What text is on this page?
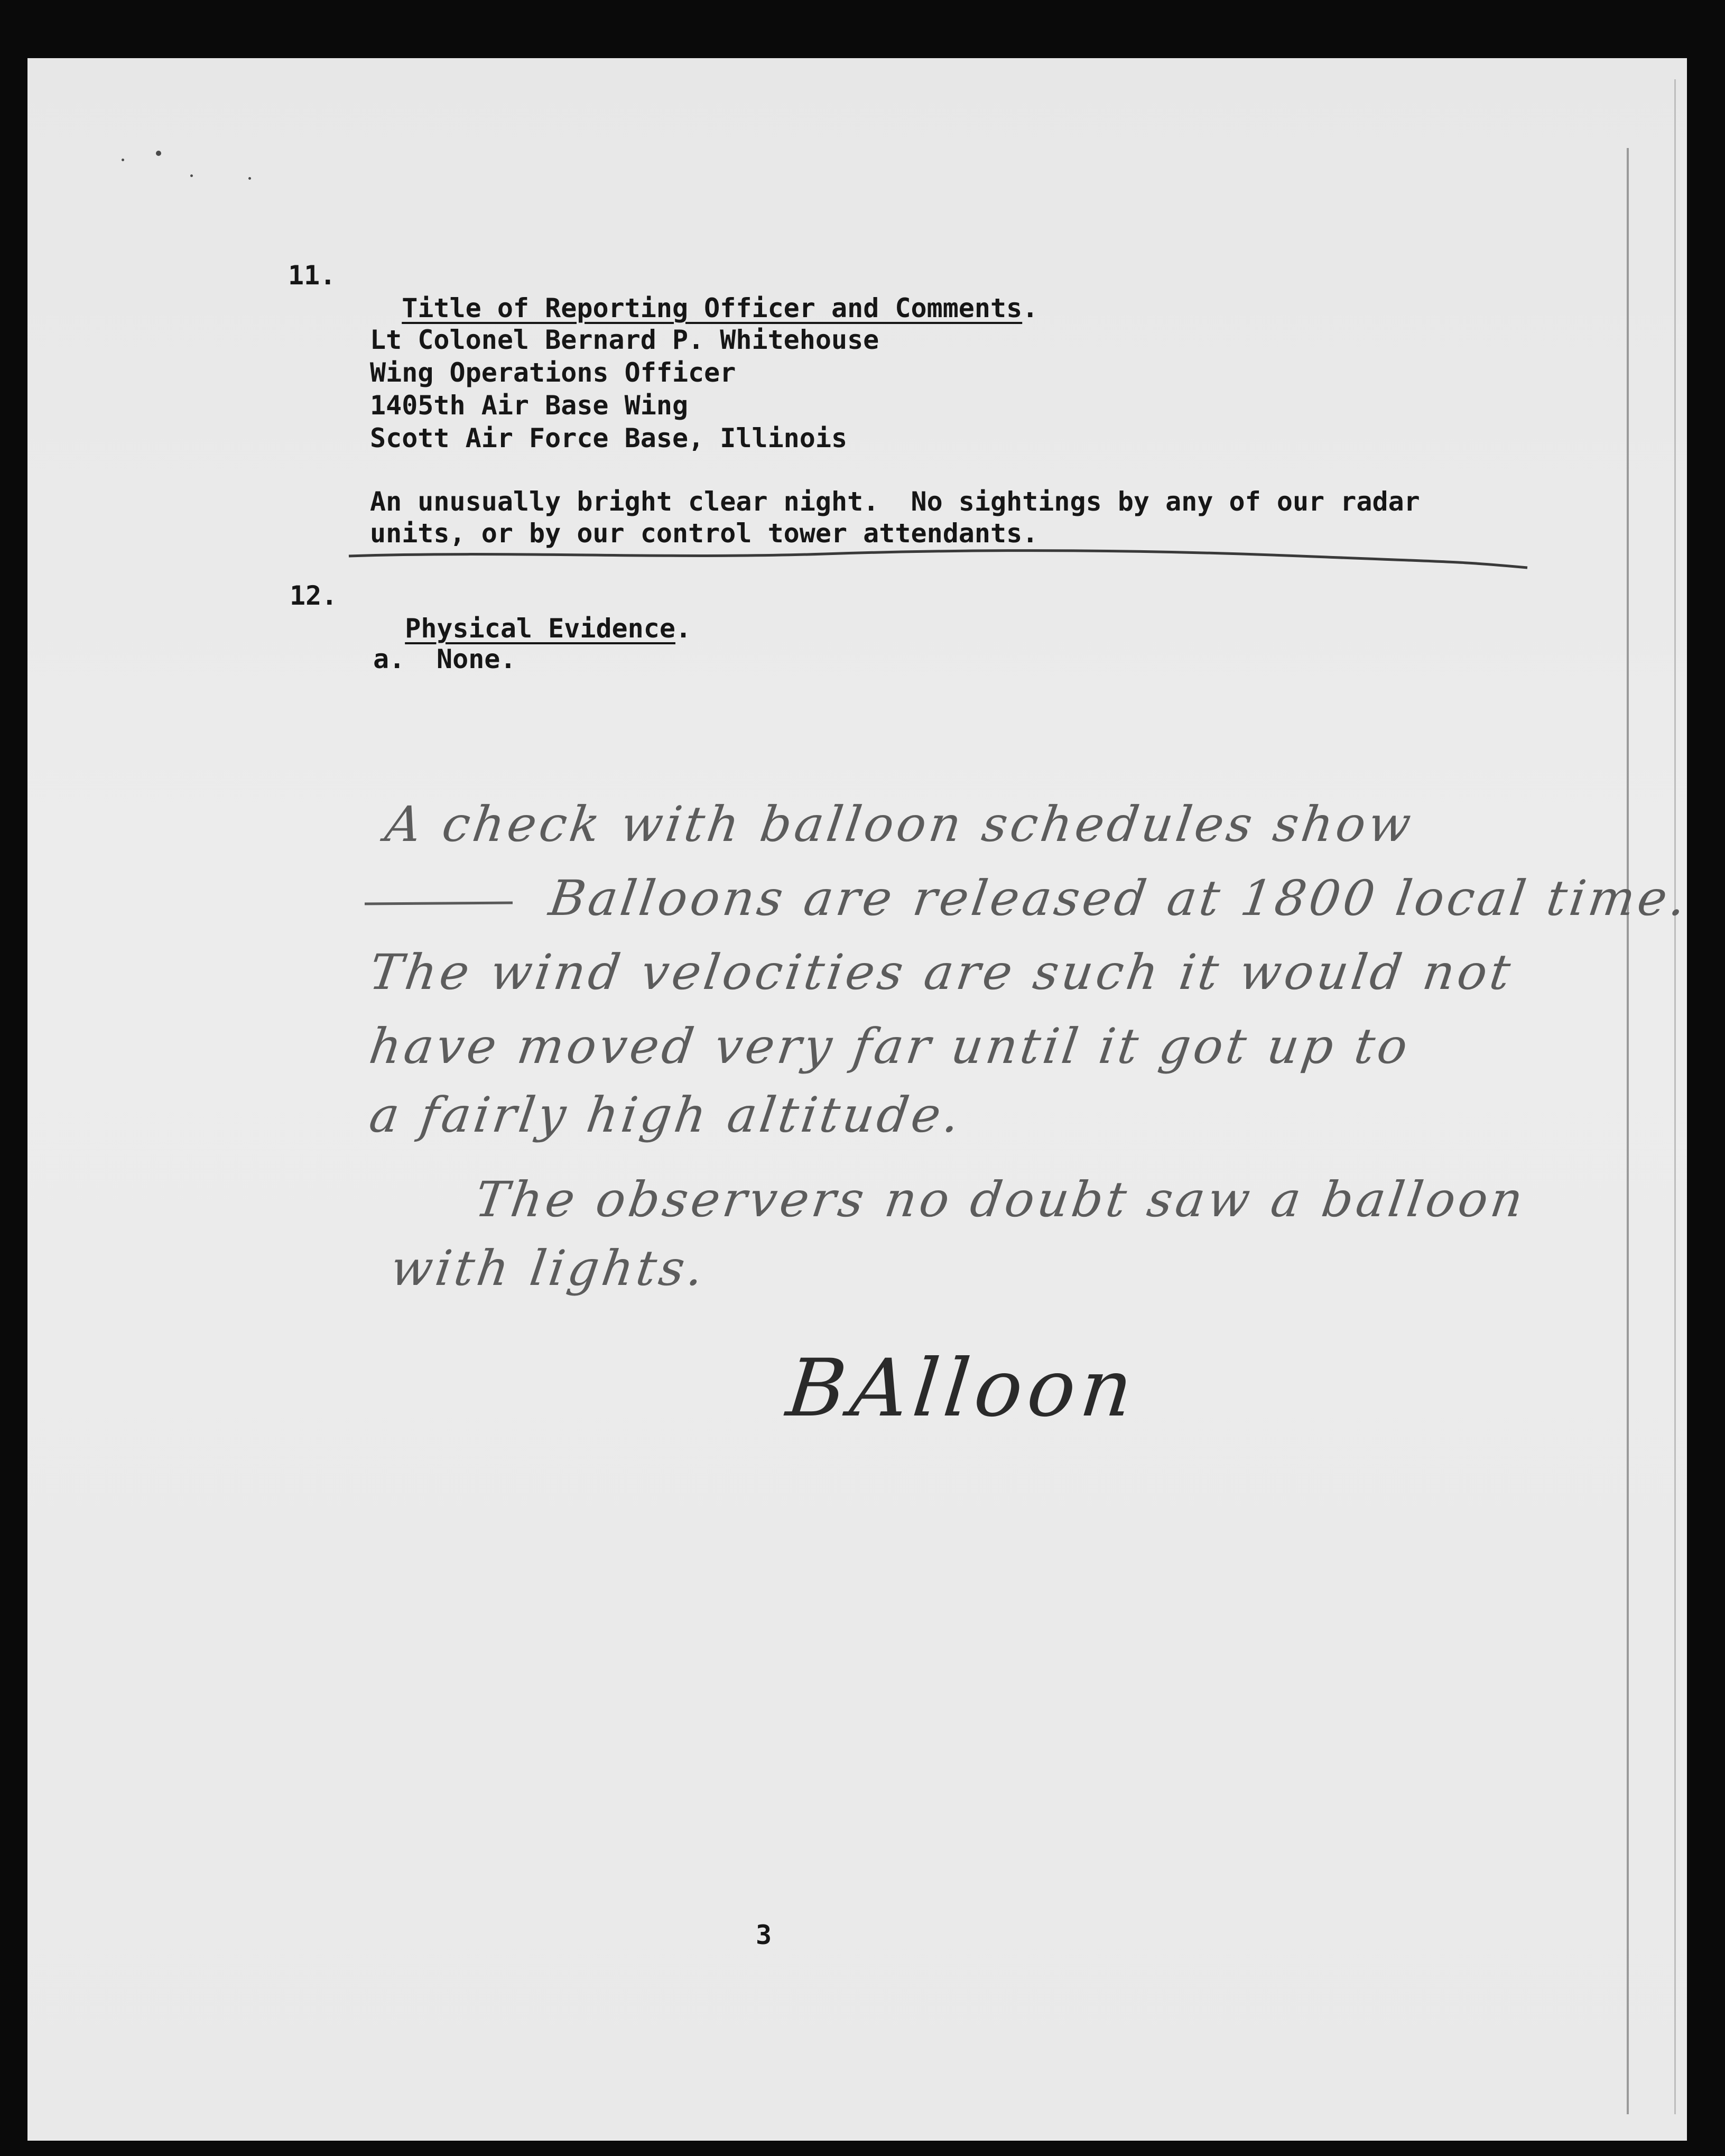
11.

Title of Reporting Officer and Comments.

Lt Colonel Bernard P. Whitehouse
Wing Operations Officer
1405th Air Base Wing
Scott Air Force Base, Illinois
An unusually bright clear night.  No sightings by any of our radar
units, or by our control tower attendants.
12.

Physical Evidence.

a. None.
A check with balloon schedules show
Balloons are released at 1800 local time.
The wind velocities are such it would not
have moved very far until it got up to
a fairly high altitude.
The observers no doubt saw a balloon
with lights.
BAlloon
3
